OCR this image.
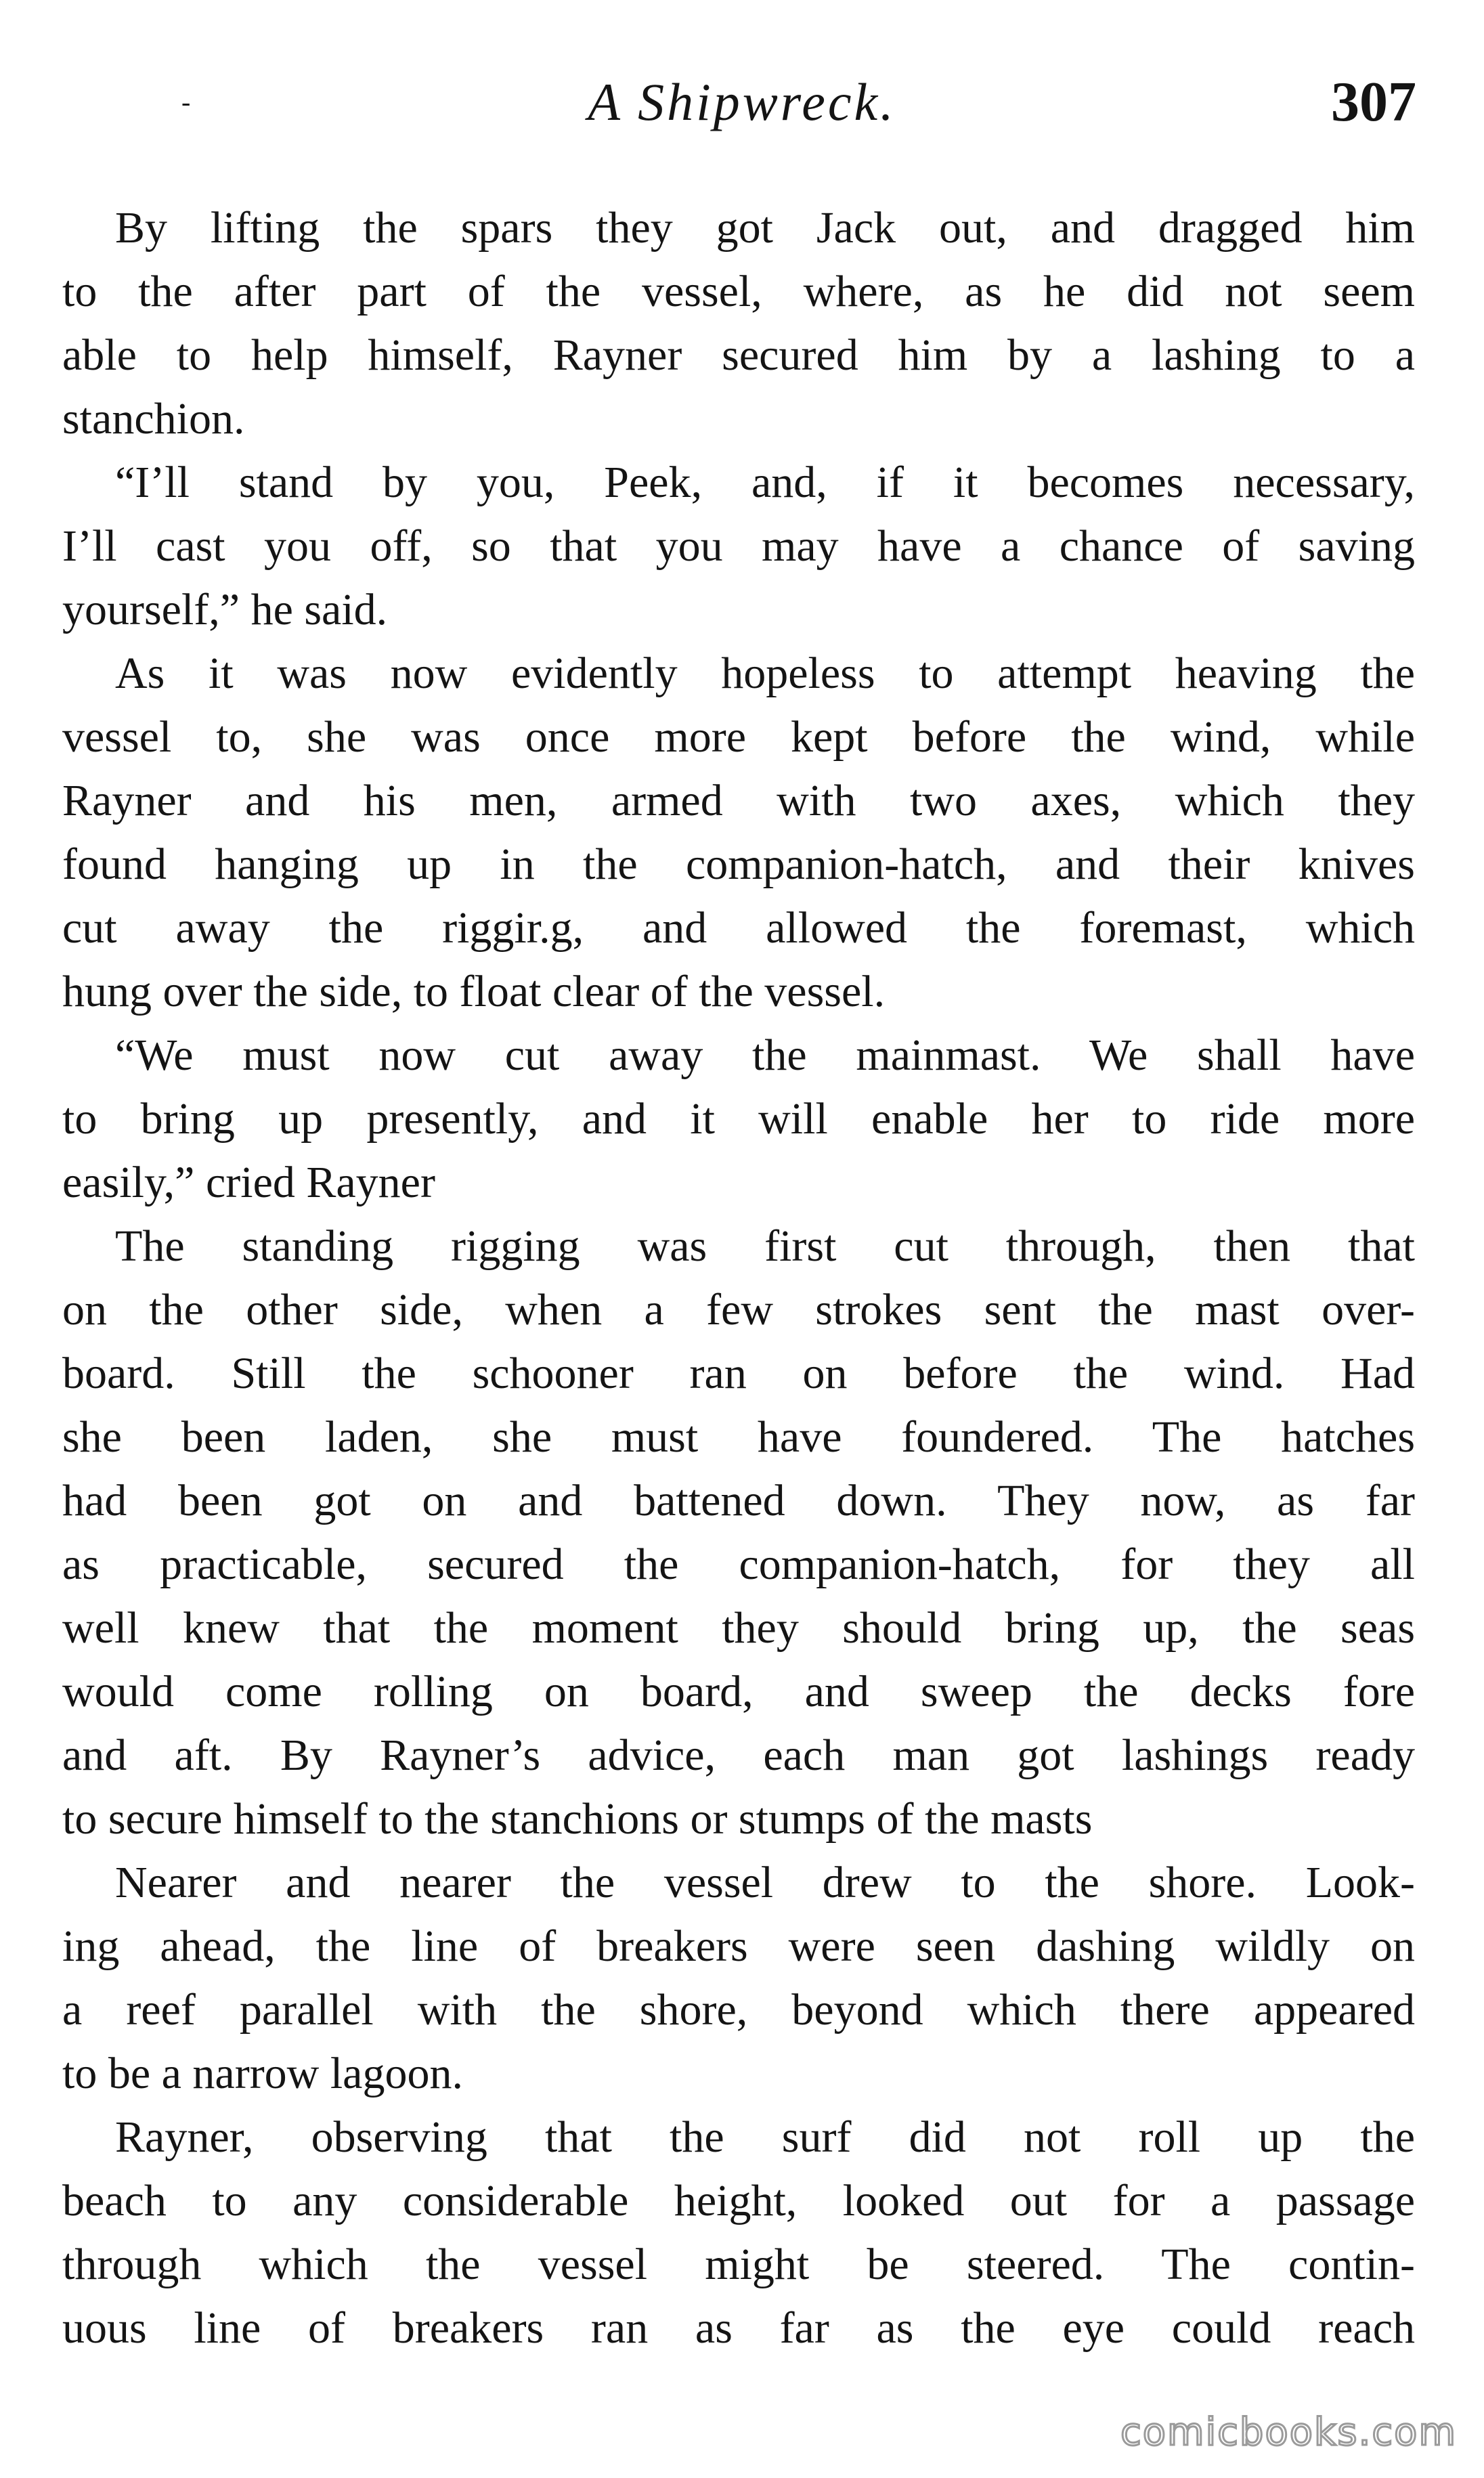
-	A Shipwreck.	307
By lifting the spars they got Jack out, and dragged him
to the after part of the vessel, where, as he did not seem
able to help himself, Rayner secured him by a lashing to a
stanchion.
“I’ll stand by you, Peek, and, if it becomes necessary,
I’ll cast you off, so that you may have a chance of saving
yourself,” he said.
As it was now evidently hopeless to attempt heaving the
vessel to, she was once more kept before the wind, while
Rayner and his men, armed with two axes, which they
found hanging up in the companion-hatch, and their knives
cut away the riggir.g, and allowed the foremast, which
hung over the side, to float clear of the vessel.
“We must now cut away the mainmast. We shall have
to bring up presently, and it will enable her to ride more
easily,” cried Rayner
The standing rigging was first cut through, then that
on the other side, when a few strokes sent the mast over-
board. Still the schooner ran on before the wind. Had
she been laden, she must have foundered. The hatches
had been got on and battened down. They now, as far
as practicable, secured the companion-hatch, for they all
well knew that the moment they should bring up, the seas
would come rolling on board, and sweep the decks fore
and aft. By Rayner’s advice, each man got lashings ready
to secure himself to the stanchions or stumps of the masts
Nearer and nearer the vessel drew to the shore. Look-
ing ahead, the line of breakers were seen dashing wildly on
a reef parallel with the shore, beyond which there appeared
to be a narrow lagoon.
Rayner, observing that the surf did not roll up the
beach to any considerable height, looked out for a passage
through which the vessel might be steered. The contin-
uous line of breakers ran as far as the eye could reach
comicbooks.com
